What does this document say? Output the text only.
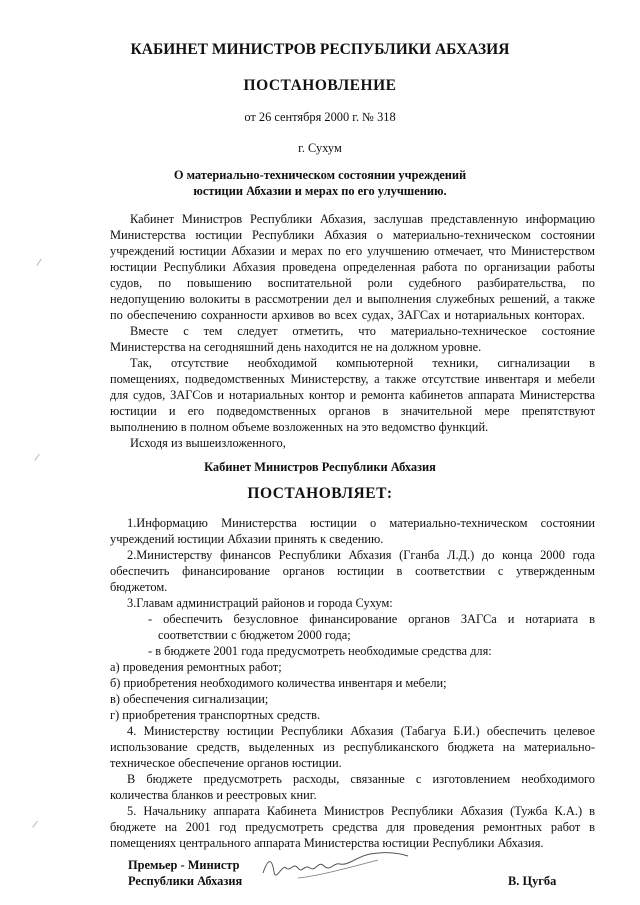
КАБИНЕТ МИНИСТРОВ РЕСПУБЛИКИ АБХАЗИЯ
ПОСТАНОВЛЕНИЕ
от 26 сентября 2000 г. № 318
г. Сухум
О материально-техническом состоянии учреждений
юстиции Абхазии и мерах по его улучшению.
Кабинет Министров Республики Абхазия, заслушав представленную информацию
Министерства юстиции Республики Абхазия о материально-техническом состоянии
учреждений юстиции Абхазии и мерах по его улучшению отмечает, что Министерством
юстиции Республики Абхазия проведена определенная работа по организации работы
судов, по повышению воспитательной роли судебного разбирательства, по
недопущению волокиты в рассмотрении дел и выполнения служебных решений, а также
по обеспечению сохранности архивов во всех судах, ЗАГСах и нотариальных конторах.
Вместе с тем следует отметить, что материально-техническое состояние
Министерства на сегодняшний день находится не на должном уровне.
Так, отсутствие необходимой компьютерной техники, сигнализации в
помещениях, подведомственных Министерству, а также отсутствие инвентаря и мебели
для судов, ЗАГСов и нотариальных контор и ремонта кабинетов аппарата Министерства
юстиции и его подведомственных органов в значительной мере препятствуют
выполнению в полном объеме возложенных на это ведомство функций.
Исходя из вышеизложенного,
Кабинет Министров Республики Абхазия
ПОСТАНОВЛЯЕТ:
1.Информацию Министерства юстиции о материально-техническом состоянии
учреждений юстиции Абхазии принять к сведению.
2.Министерству финансов Республики Абхазия (Гганба Л.Д.) до конца 2000 года
обеспечить финансирование органов юстиции в соответствии с утвержденным
бюджетом.
3.Главам администраций районов и города Сухум:
- обеспечить безусловное финансирование органов ЗАГСа и нотариата в
соответствии с бюджетом 2000 года;
- в бюджете 2001 года предусмотреть необходимые средства для:
а) проведения ремонтных работ;
б) приобретения необходимого количества инвентаря и мебели;
в) обеспечения сигнализации;
г) приобретения транспортных средств.
4. Министерству юстиции Республики Абхазия (Табагуа Б.И.) обеспечить целевое
использование средств, выделенных из республиканского бюджета на материально-
техническое обеспечение органов юстиции.
В бюджете предусмотреть расходы, связанные с изготовлением необходимого
количества бланков и реестровых книг.
5. Начальнику аппарата Кабинета Министров Республики Абхазия (Тужба К.А.) в
бюджете на 2001 год предусмотреть средства для проведения ремонтных работ в
помещениях центрального аппарата Министерства юстиции Республики Абхазия.
Премьер - Министр
Республики Абхазия	В. Цугба
